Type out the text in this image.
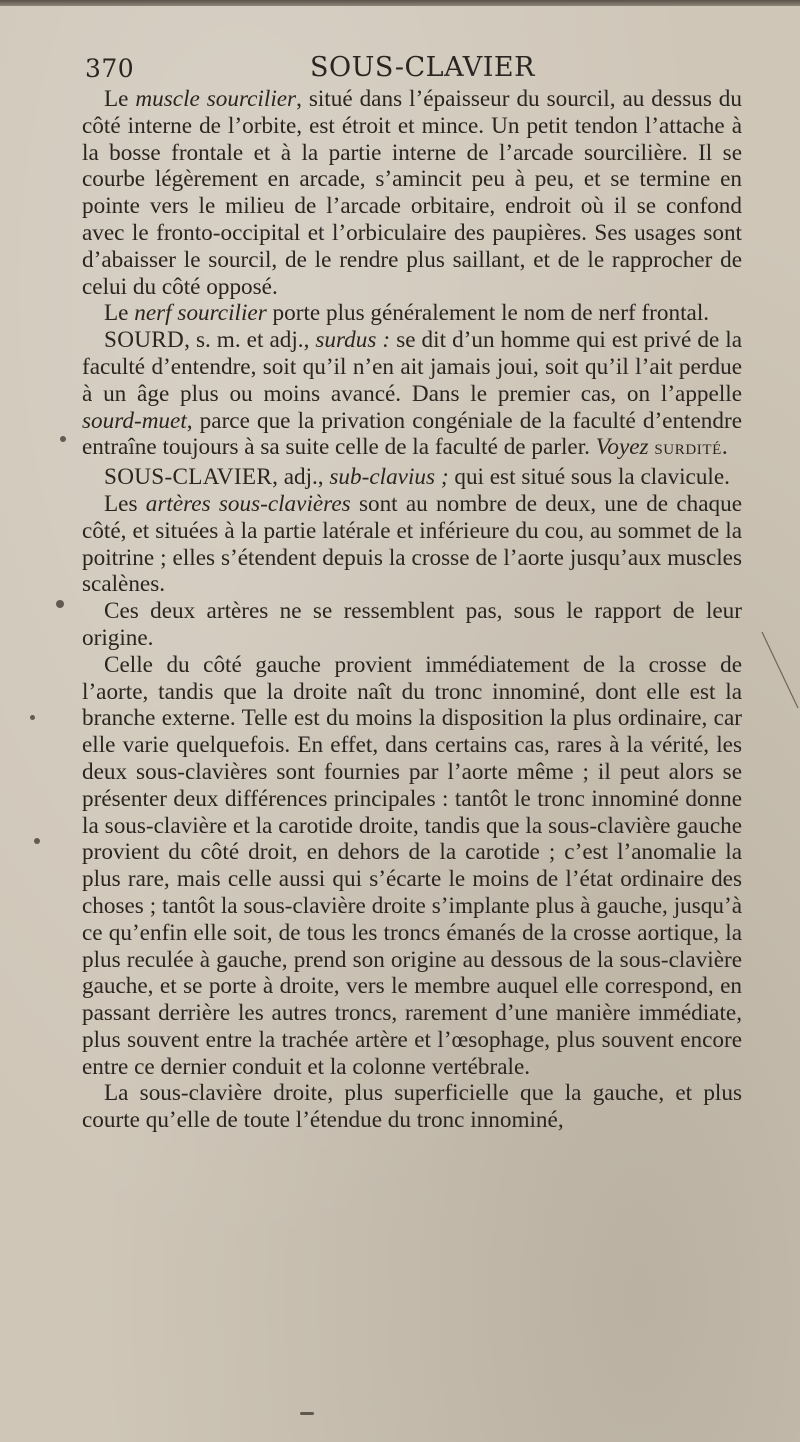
370	SOUS-CLAVIER

Le muscle sourcilier, situé dans l’épaisseur du sourcil, au dessus du côté interne de l’orbite, est étroit et mince. Un petit tendon l’attache à la bosse frontale et à la partie interne de l’arcade sourcilière. Il se courbe légèrement en arcade, s’amincit peu à peu, et se termine en pointe vers le milieu de l’arcade orbitaire, endroit où il se confond avec le fronto-occipital et l’orbiculaire des paupières. Ses usages sont d’abaisser le sourcil, de le rendre plus saillant, et de le rapprocher de celui du côté opposé.

Le nerf sourcilier porte plus généralement le nom de nerf frontal.

SOURD, s. m. et adj., surdus : se dit d’un homme qui est privé de la faculté d’entendre, soit qu’il n’en ait jamais joui, soit qu’il l’ait perdue à un âge plus ou moins avancé. Dans le premier cas, on l’appelle sourd-muet, parce que la privation congéniale de la faculté d’entendre entraîne toujours à sa suite celle de la faculté de parler. Voyez SURDITÉ.

SOUS-CLAVIER, adj., sub-clavius ; qui est situé sous la clavicule.

Les artères sous-clavières sont au nombre de deux, une de chaque côté, et situées à la partie latérale et inférieure du cou, au sommet de la poitrine ; elles s’étendent depuis la crosse de l’aorte jusqu’aux muscles scalènes.

Ces deux artères ne se ressemblent pas, sous le rapport de leur origine.

Celle du côté gauche provient immédiatement de la crosse de l’aorte, tandis que la droite naît du tronc innominé, dont elle est la branche externe. Telle est du moins la disposition la plus ordinaire, car elle varie quelquefois. En effet, dans certains cas, rares à la vérité, les deux sous-clavières sont fournies par l’aorte même ; il peut alors se présenter deux différences principales : tantôt le tronc innominé donne la sous-clavière et la carotide droite, tandis que la sous-clavière gauche provient du côté droit, en dehors de la carotide ; c’est l’anomalie la plus rare, mais celle aussi qui s’écarte le moins de l’état ordinaire des choses ; tantôt la sous-clavière droite s’implante plus à gauche, jusqu’à ce qu’enfin elle soit, de tous les troncs émanés de la crosse aortique, la plus reculée à gauche, prend son origine au dessous de la sous-clavière gauche, et se porte à droite, vers le membre auquel elle correspond, en passant derrière les autres troncs, rarement d’une manière immédiate, plus souvent entre la trachée artère et l’œsophage, plus souvent encore entre ce dernier conduit et la colonne vertébrale.

La sous-clavière droite, plus superficielle que la gauche, et plus courte qu’elle de toute l’étendue du tronc innominé,
